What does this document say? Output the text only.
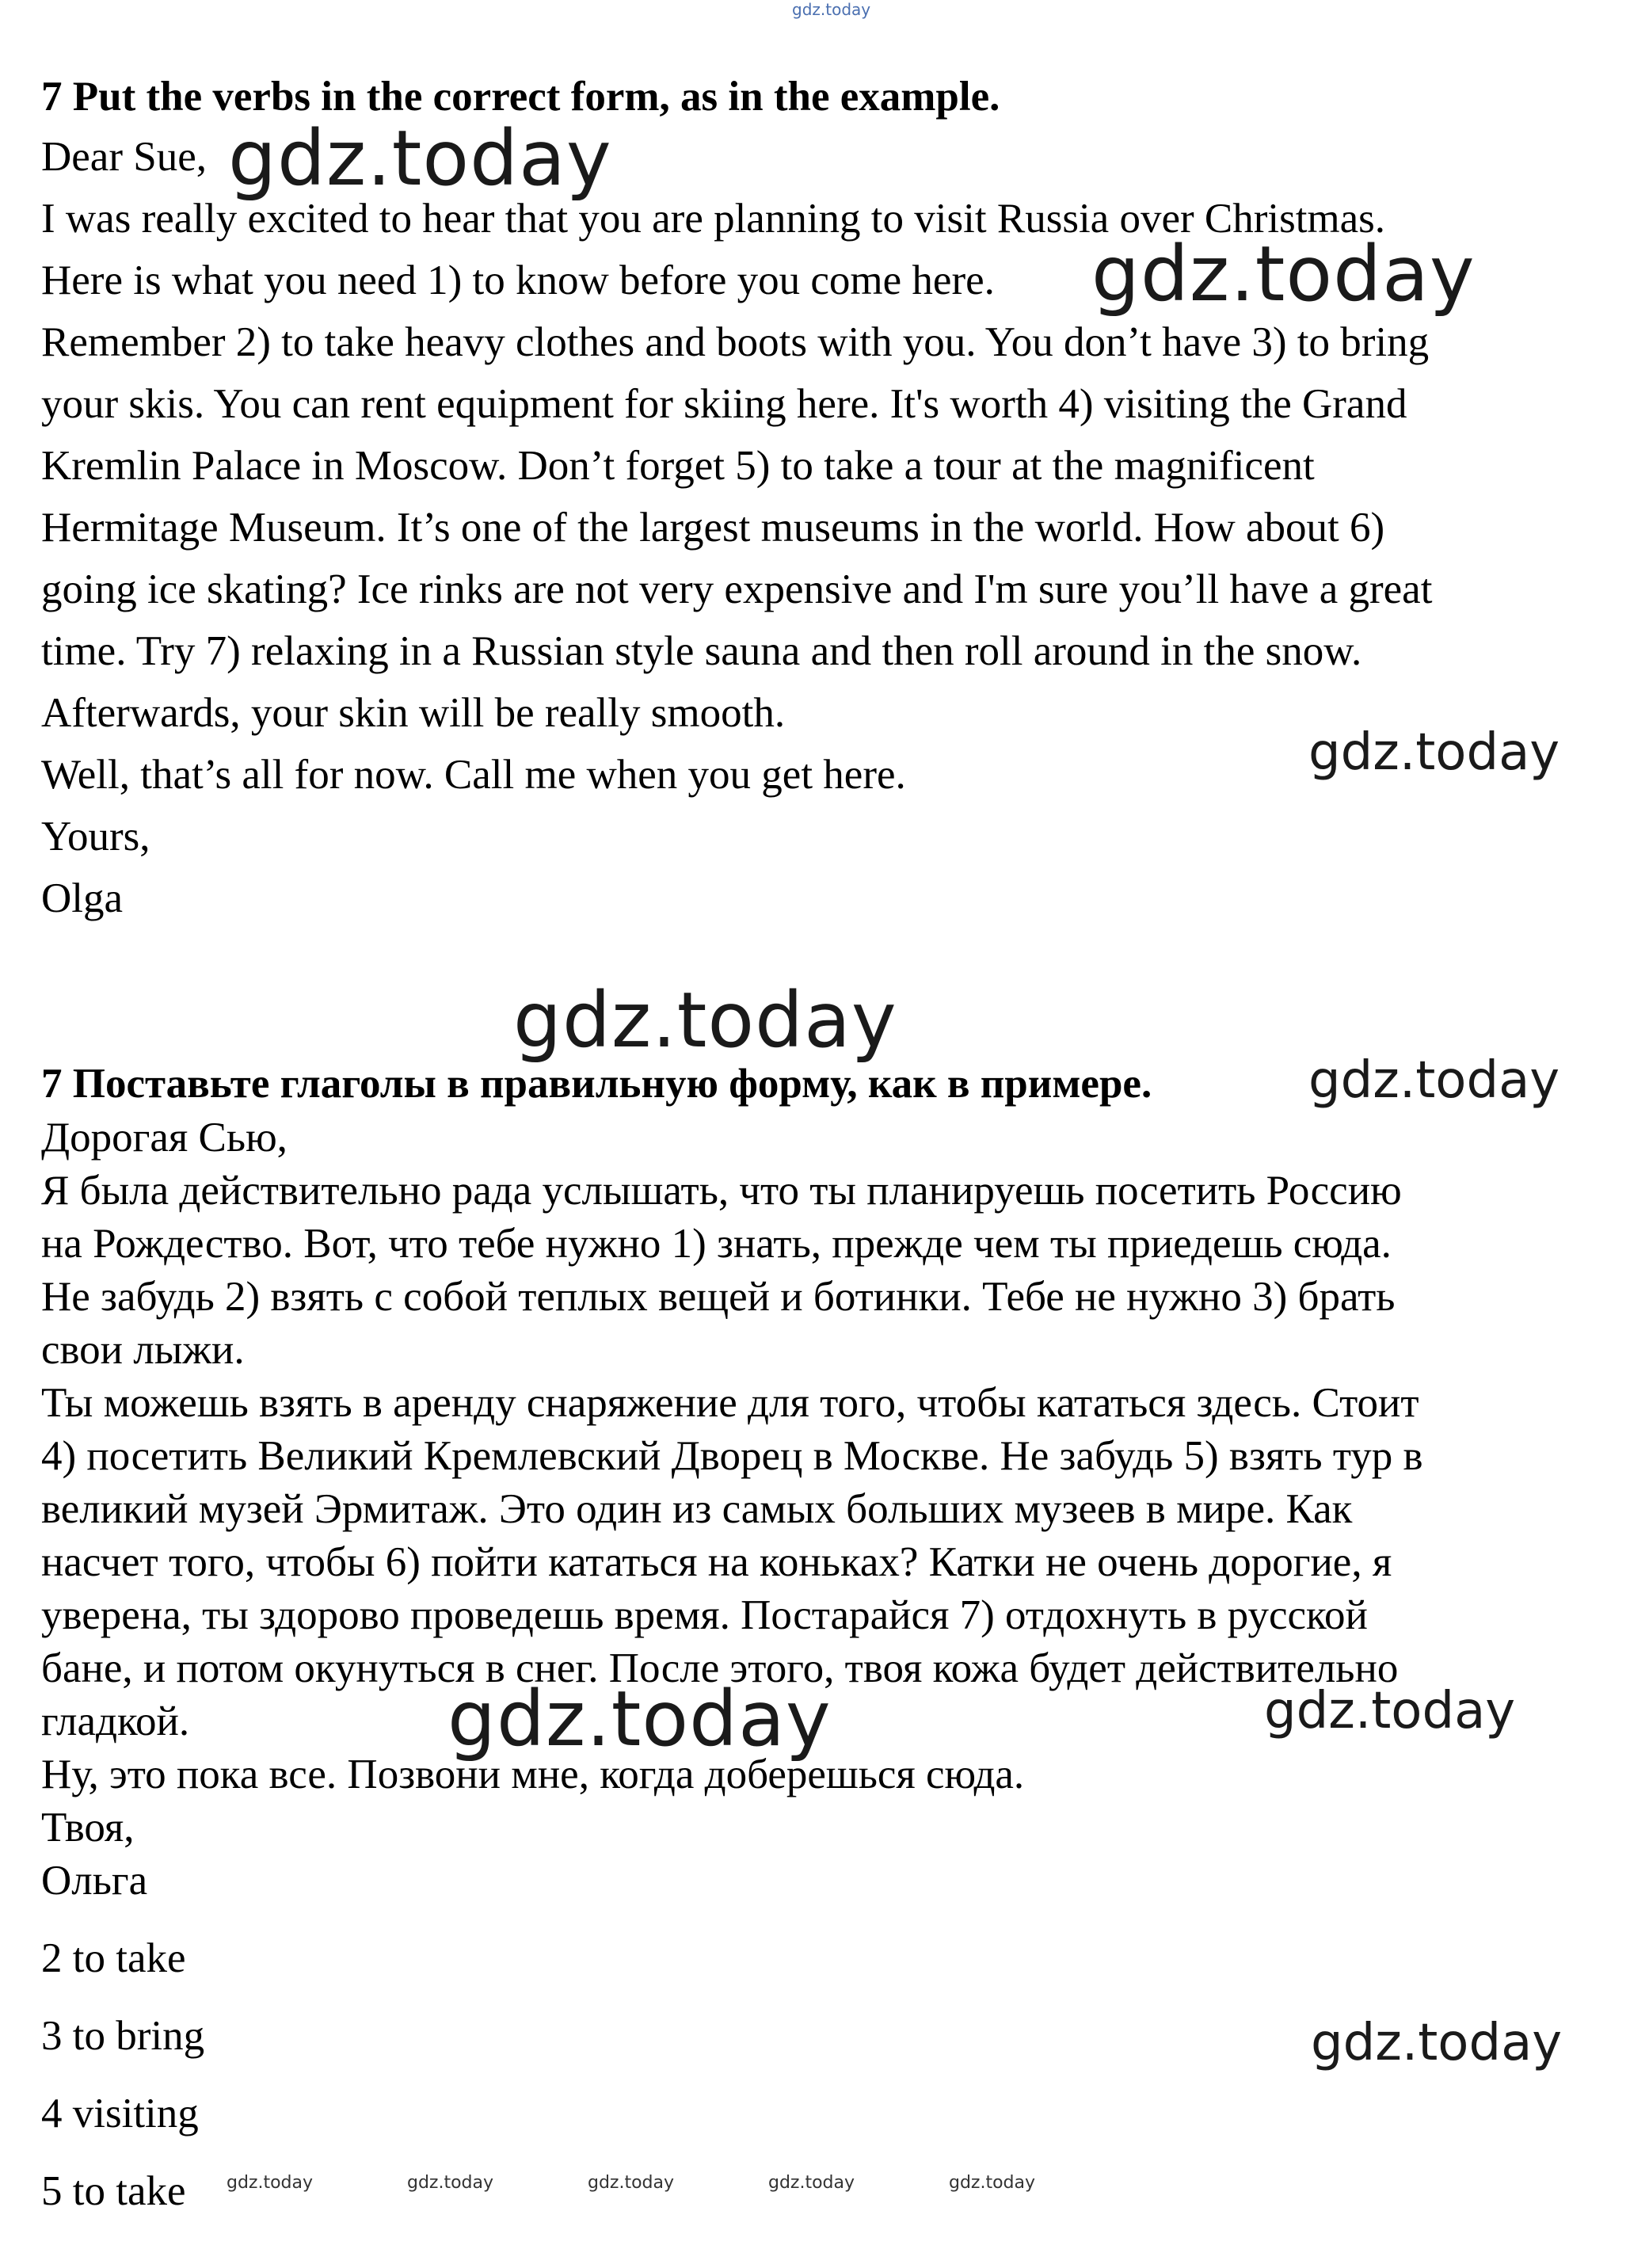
gdz.today
7 Put the verbs in the correct form, as in the example.
Dear Sue,
I was really excited to hear that you are planning to visit Russia over Christmas.
Here is what you need 1) to know before you come here.
Remember 2) to take heavy clothes and boots with you. You don’t have 3) to bring
your skis. You can rent equipment for skiing here. It's worth 4) visiting the Grand
Kremlin Palace in Moscow. Don’t forget 5) to take a tour at the magnificent
Hermitage Museum. It’s one of the largest museums in the world. How about 6)
going ice skating? Ice rinks are not very expensive and I'm sure you’ll have a great
time. Try 7) relaxing in a Russian style sauna and then roll around in the snow.
Afterwards, your skin will be really smooth.
Well, that’s all for now. Call me when you get here.
Yours,
Olga
7 Поставьте глаголы в правильную форму, как в примере.
Дорогая Сью,
Я была действительно рада услышать, что ты планируешь посетить Россию
на Рождество. Вот, что тебе нужно 1) знать, прежде чем ты приедешь сюда.
Не забудь 2) взять с собой теплых вещей и ботинки. Тебе не нужно 3) брать
свои лыжи.
Ты можешь взять в аренду снаряжение для того, чтобы кататься здесь. Стоит
4) посетить Великий Кремлевский Дворец в Москве. Не забудь 5) взять тур в
великий музей Эрмитаж. Это один из самых больших музеев в мире. Как
насчет того, чтобы 6) пойти кататься на коньках? Катки не очень дорогие, я
уверена, ты здорово проведешь время. Постарайся 7) отдохнуть в русской
бане, и потом окунуться в снег. После этого, твоя кожа будет действительно
гладкой.
Ну, это пока все. Позвони мне, когда доберешься сюда.
Твоя,
Ольга
2 to take
3 to bring
4 visiting
5 to take
gdz.today
gdz.today
gdz.today
gdz.today
gdz.today
gdz.today	gdz.today
gdz.today
gdz.today	gdz.today	gdz.today	gdz.today	gdz.today
